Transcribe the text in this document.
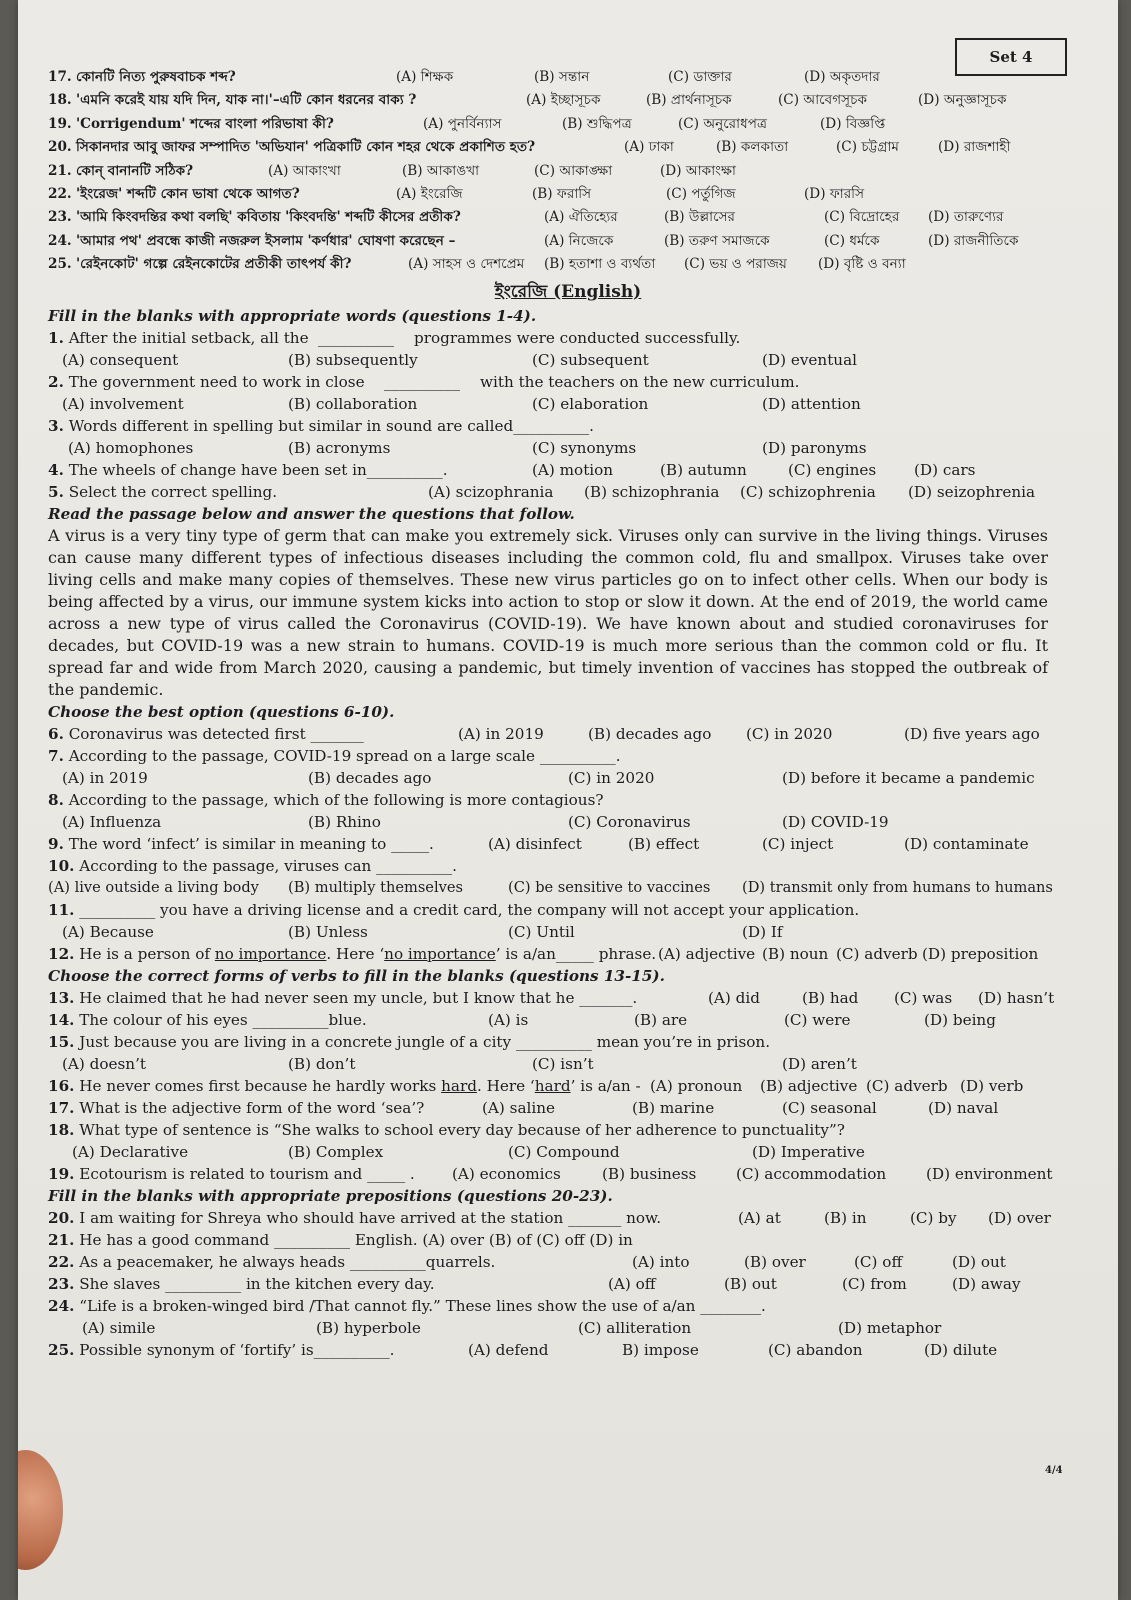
Set 4
17. কোনটি নিত্য পুরুষবাচক শব্দ?	(A) শিক্ষক	(B) সন্তান	(C) ডাক্তার	(D) অকৃতদার
18. 'এমনি করেই যায় যদি দিন, যাক না।'–এটি কোন ধরনের বাক্য ?	(A) ইচ্ছাসূচক	(B) প্রার্থনাসূচক	(C) আবেগসূচক	(D) অনুজ্ঞাসূচক
19. 'Corrigendum' শব্দের বাংলা পরিভাষা কী?	(A) পুনর্বিন্যাস	(B) শুদ্ধিপত্র	(C) অনুরোধপত্র	(D) বিজ্ঞপ্তি
20. সিকানদার আবু জাফর সম্পাদিত 'অভিযান' পত্রিকাটি কোন শহর থেকে প্রকাশিত হত?	(A) ঢাকা	(B) কলকাতা	(C) চট্টগ্রাম	(D) রাজশাহী
21. কোন্ বানানটি সঠিক?	(A) আকাংখা	(B) আকাঙখা	(C) আকাঙ্ক্ষা	(D) আকাংক্ষা
22. 'ইংরেজ' শব্দটি কোন ভাষা থেকে আগত?	(A) ইংরেজি	(B) ফরাসি	(C) পর্তুগিজ	(D) ফারসি
23. 'আমি কিংবদন্তির কথা বলছি' কবিতায় 'কিংবদন্তি' শব্দটি কীসের প্রতীক?	(A) ঐতিহ্যের	(B) উল্লাসের	(C) বিদ্রোহের (D) তারুণ্যের
24. 'আমার পথ' প্রবন্ধে কাজী নজরুল ইসলাম 'কর্ণধার' ঘোষণা করেছেন –	(A) নিজেকে	(B) তরুণ সমাজকে	(C) ধর্মকে	(D) রাজনীতিকে
25. 'রেইনকোট' গল্পে রেইনকোটের প্রতীকী তাৎপর্য কী?	(A) সাহস ও দেশপ্রেম (B) হতাশা ও ব্যর্থতা (C) ভয় ও পরাজয় (D) বৃষ্টি ও বন্যা
ইংরেজি (English)
Fill in the blanks with appropriate words (questions 1-4).
1. After the initial setback, all the __________ programmes were conducted successfully.
(A) consequent	(B) subsequently	(C) subsequent	(D) eventual
2. The government need to work in close __________ with the teachers on the new curriculum.
(A) involvement	(B) collaboration	(C) elaboration	(D) attention
3. Words different in spelling but similar in sound are called__________.
(A) homophones	(B) acronyms	(C) synonyms	(D) paronyms
4. The wheels of change have been set in__________.	(A) motion	(B) autumn	(C) engines (D) cars
5. Select the correct spelling.	(A) scizophrania (B) schizophrania (C) schizophrenia (D) seizophrenia
Read the passage below and answer the questions that follow.
A virus is a very tiny type of germ that can make you extremely sick. Viruses only can survive in the living things. Viruses can cause many different types of infectious diseases including the common cold, flu and smallpox. Viruses take over living cells and make many copies of themselves. These new virus particles go on to infect other cells. When our body is being affected by a virus, our immune system kicks into action to stop or slow it down. At the end of 2019, the world came across a new type of virus called the Coronavirus (COVID-19). We have known about and studied coronaviruses for decades, but COVID-19 was a new strain to humans. COVID-19 is much more serious than the common cold or flu. It spread far and wide from March 2020, causing a pandemic, but timely invention of vaccines has stopped the outbreak of the pandemic.
Choose the best option (questions 6-10).
6. Coronavirus was detected first _______	(A) in 2019	(B) decades ago (C) in 2020	(D) five years ago
7. According to the passage, COVID-19 spread on a large scale __________.
(A) in 2019	(B) decades ago	(C) in 2020	(D) before it became a pandemic
8. According to the passage, which of the following is more contagious?
(A) Influenza	(B) Rhino	(C) Coronavirus	(D) COVID-19
9. The word ‘infect’ is similar in meaning to _____.	(A) disinfect	(B) effect	(C) inject	(D) contaminate
10. According to the passage, viruses can __________.
(A) live outside a living body (B) multiply themselves	(C) be sensitive to vaccines (D) transmit only from humans to humans
11. __________ you have a driving license and a credit card, the company will not accept your application.
(A) Because	(B) Unless	(C) Until	(D) If
12. He is a person of no importance. Here ‘no importance’ is a/an_____ phrase. (A) adjective (B) noun (C) adverb (D) preposition
Choose the correct forms of verbs to fill in the blanks (questions 13-15).
13. He claimed that he had never seen my uncle, but I know that he _______.	(A) did	(B) had (C) was (D) hasn’t
14. The colour of his eyes __________blue.	(A) is	(B) are	(C) were	(D) being
15. Just because you are living in a concrete jungle of a city __________ mean you’re in prison.
(A) doesn’t	(B) don’t	(C) isn’t	(D) aren’t
16. He never comes first because he hardly works hard. Here ‘hard’ is a/an - (A) pronoun (B) adjective (C) adverb (D) verb
17. What is the adjective form of the word ‘sea’?	(A) saline	(B) marine	(C) seasonal	(D) naval
18. What type of sentence is “She walks to school every day because of her adherence to punctuality”?
(A) Declarative	(B) Complex	(C) Compound	(D) Imperative
19. Ecotourism is related to tourism and _____ . (A) economics	(B) business	(C) accommodation	(D) environment
Fill in the blanks with appropriate prepositions (questions 20-23).
20. I am waiting for Shreya who should have arrived at the station _______ now.	(A) at	(B) in	(C) by (D) over
21. He has a good command __________ English. (A) over (B) of (C) off (D) in
22. As a peacemaker, he always heads __________quarrels.	(A) into	(B) over	(C) off	(D) out
23. She slaves __________ in the kitchen every day.	(A) off	(B) out	(C) from	(D) away
24. “Life is a broken-winged bird /That cannot fly.” These lines show the use of a/an ________.
(A) simile	(B) hyperbole	(C) alliteration	(D) metaphor
25. Possible synonym of ‘fortify’ is__________.	(A) defend	B) impose	(C) abandon	(D) dilute
4/4
